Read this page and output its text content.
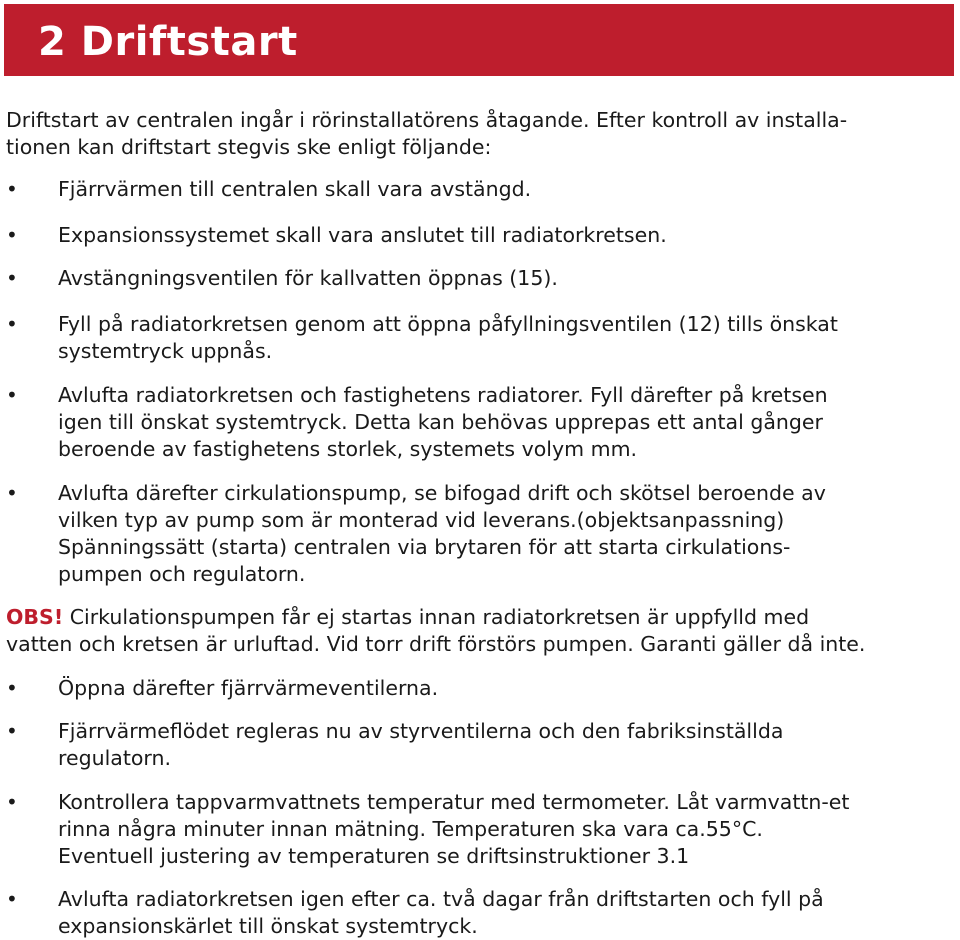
2 Driftstart

Driftstart av centralen ingår i rörinstallatörens åtagande. Efter kontroll av installa-
tionen kan driftstart stegvis ske enligt följande:

•	Fjärrvärmen till centralen skall vara avstängd.
•	Expansionssystemet skall vara anslutet till radiatorkretsen.
•	Avstängningsventilen för kallvatten öppnas (15).
•	Fyll på radiatorkretsen genom att öppna påfyllningsventilen (12) tills önskat
systemtryck uppnås.
•	Avlufta radiatorkretsen och fastighetens radiatorer. Fyll därefter på kretsen
igen till önskat systemtryck. Detta kan behövas upprepas ett antal gånger
beroende av fastighetens storlek, systemets volym mm.
•	Avlufta därefter cirkulationspump, se bifogad drift och skötsel beroende av
vilken typ av pump som är monterad vid leverans.(objektsanpassning)
Spänningssätt (starta) centralen via brytaren för att starta cirkulations-
pumpen och regulatorn.

OBS! Cirkulationspumpen får ej startas innan radiatorkretsen är uppfylld med
vatten och kretsen är urluftad. Vid torr drift förstörs pumpen. Garanti gäller då inte.

•	Öppna därefter fjärrvärmeventilerna.
•	Fjärrvärmeflödet regleras nu av styrventilerna och den fabriksinställda
regulatorn.
•	Kontrollera tappvarmvattnets temperatur med termometer. Låt varmvattn-et
rinna några minuter innan mätning. Temperaturen ska vara ca.55°C.
Eventuell justering av temperaturen se driftsinstruktioner 3.1
•	Avlufta radiatorkretsen igen efter ca. två dagar från driftstarten och fyll på
expansionskärlet till önskat systemtryck.
